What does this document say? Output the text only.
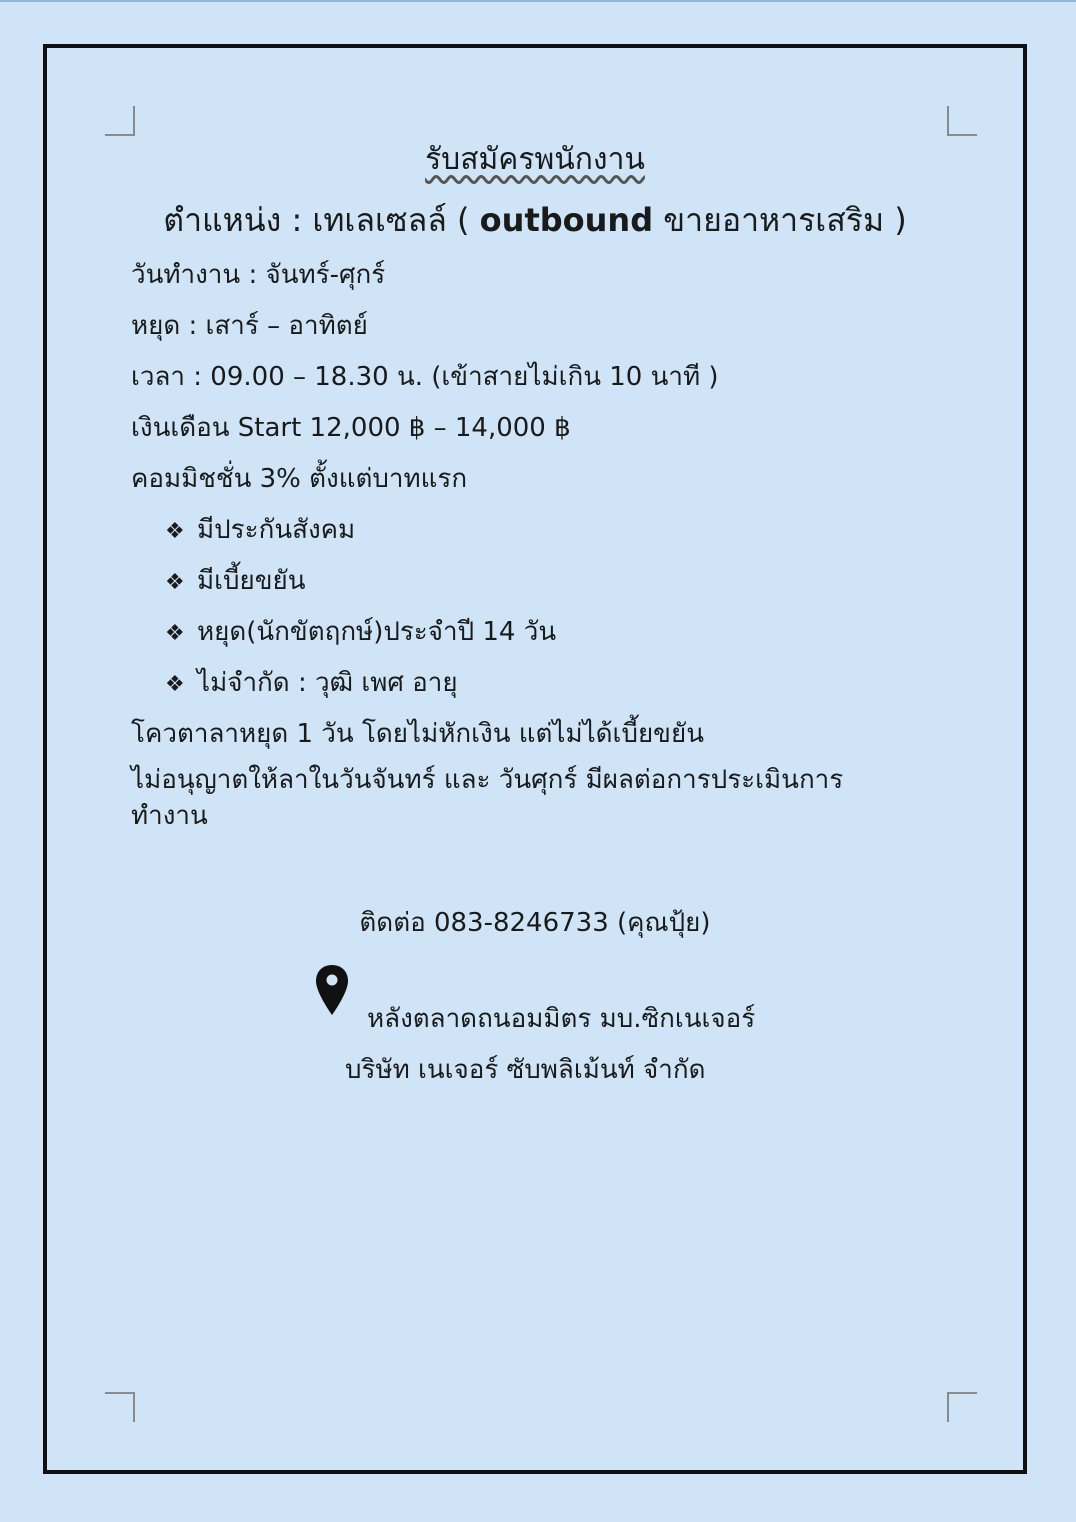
รับสมัครพนักงาน
ตำแหน่ง : เทเลเซลล์ ( outbound ขายอาหารเสริม )
วันทำงาน : จันทร์-ศุกร์
หยุด : เสาร์ – อาทิตย์
เวลา : 09.00 – 18.30 น. (เข้าสายไม่เกิน 10 นาที )
เงินเดือน Start 12,000 ฿ – 14,000 ฿
คอมมิชชั่น 3% ตั้งแต่บาทแรก
❖ มีประกันสังคม
❖ มีเบี้ยขยัน
❖ หยุด(นักขัตฤกษ์)ประจำปี 14 วัน
❖ ไม่จำกัด : วุฒิ เพศ อายุ
โควตาลาหยุด 1 วัน โดยไม่หักเงิน แต่ไม่ได้เบี้ยขยัน
ไม่อนุญาตให้ลาในวันจันทร์ และ วันศุกร์ มีผลต่อการประเมินการทำงาน
ติดต่อ 083-8246733 (คุณปุ้ย)
หลังตลาดถนอมมิตร มบ.ซิกเนเจอร์
บริษัท เนเจอร์ ซับพลิเม้นท์ จำกัด
